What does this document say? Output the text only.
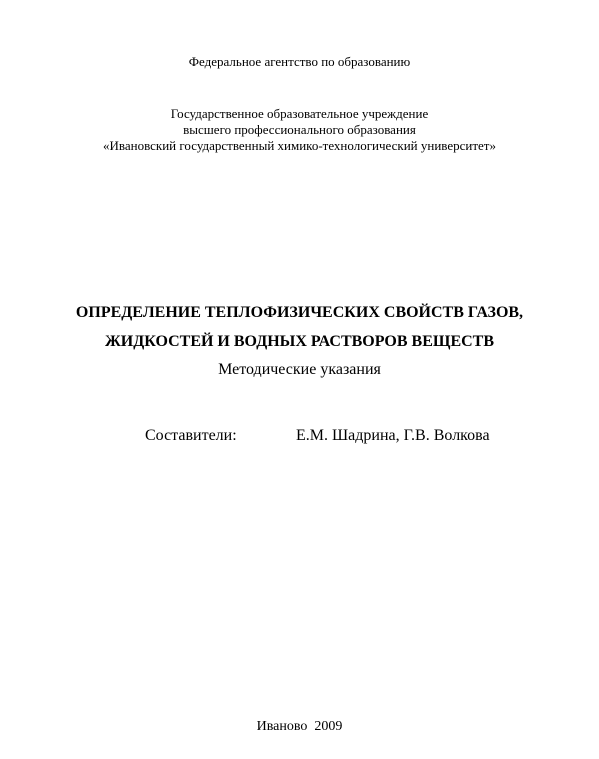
Федеральное агентство по образованию
Государственное образовательное учреждение
высшего профессионального образования
«Ивановский государственный химико-технологический университет»
ОПРЕДЕЛЕНИЕ ТЕПЛОФИЗИЧЕСКИХ СВОЙСТВ ГАЗОВ,
ЖИДКОСТЕЙ И ВОДНЫХ РАСТВОРОВ ВЕЩЕСТВ
Методические указания
Составители:	Е.М. Шадрина, Г.В. Волкова
Иваново  2009
